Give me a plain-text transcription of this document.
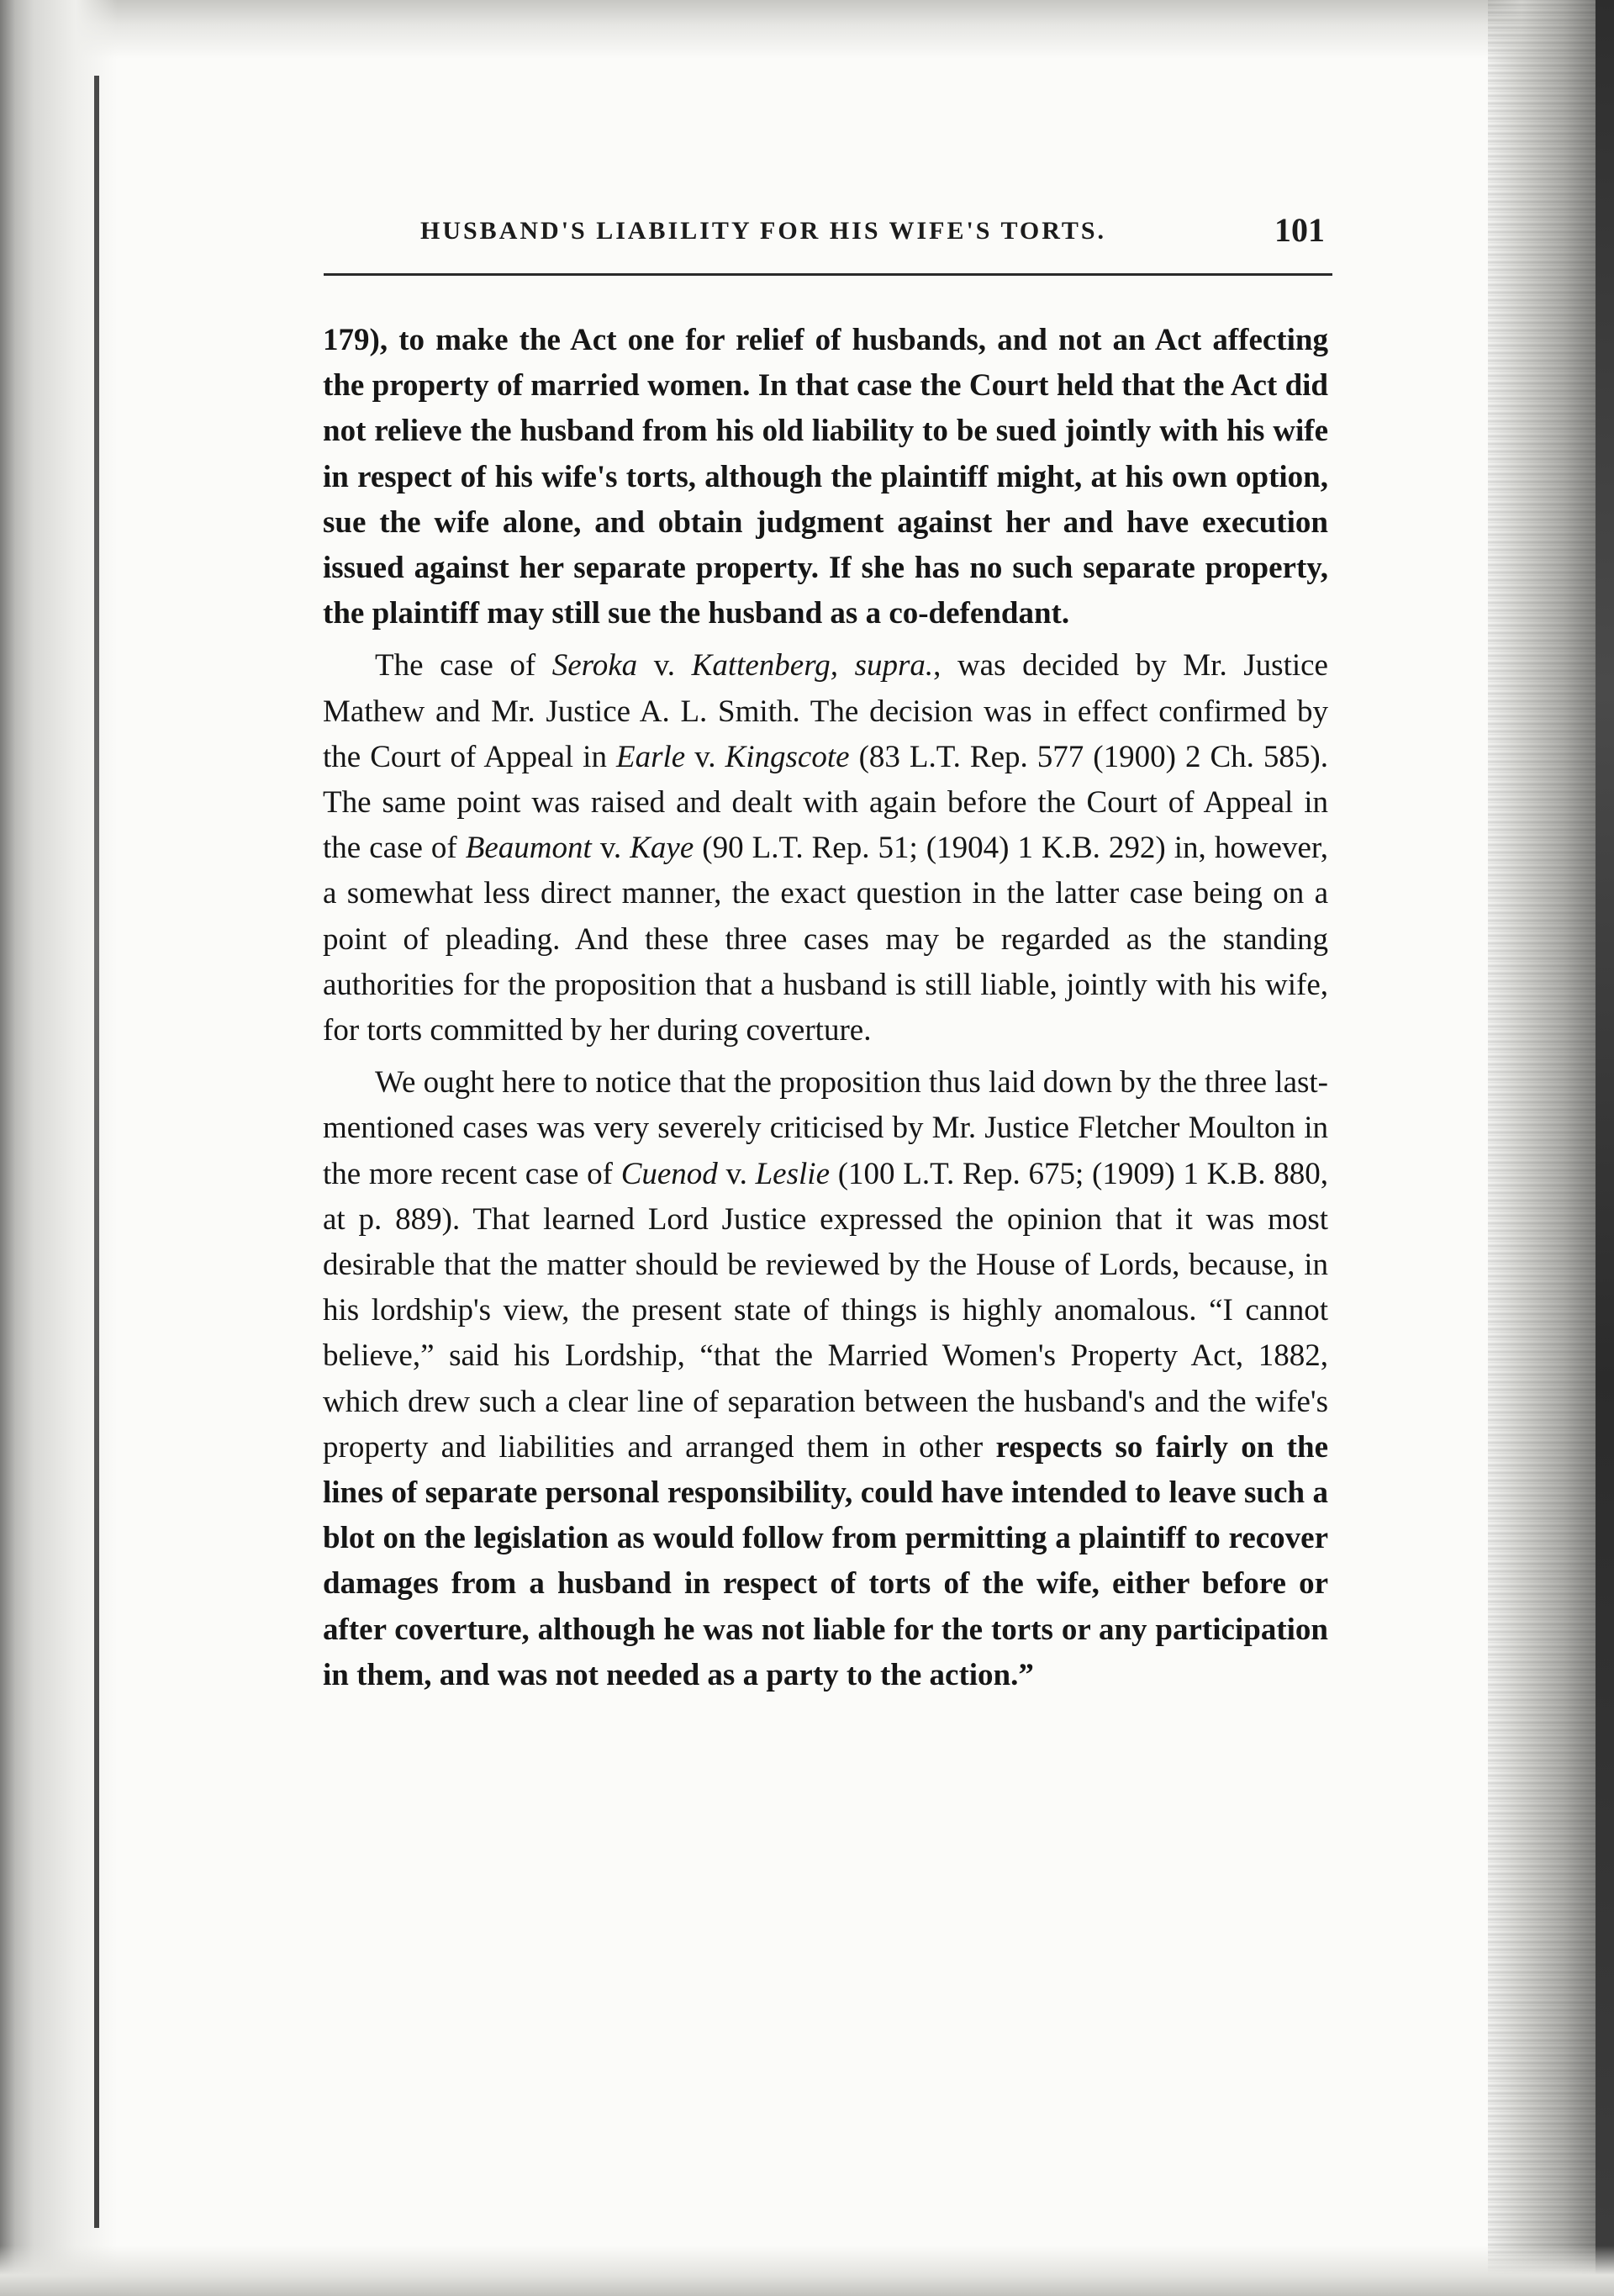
HUSBAND'S LIABILITY FOR HIS WIFE'S TORTS.	101

179), to make the Act one for relief of husbands, and not an Act affecting the property of married women. In that case the Court held that the Act did not relieve the husband from his old liability to be sued jointly with his wife in respect of his wife's torts, although the plaintiff might, at his own option, sue the wife alone, and obtain judgment against her and have execution issued against her separate property. If she has no such separate property, the plaintiff may still sue the husband as a co-defendant.

The case of Seroka v. Kattenberg, supra., was decided by Mr. Justice Mathew and Mr. Justice A. L. Smith. The decision was in effect confirmed by the Court of Appeal in Earle v. Kingscote (83 L.T. Rep. 577 (1900) 2 Ch. 585). The same point was raised and dealt with again before the Court of Appeal in the case of Beaumont v. Kaye (90 L.T. Rep. 51; (1904) 1 K.B. 292) in, however, a somewhat less direct manner, the exact question in the latter case being on a point of pleading. And these three cases may be regarded as the standing authorities for the proposition that a husband is still liable, jointly with his wife, for torts committed by her during coverture.

We ought here to notice that the proposition thus laid down by the three last-mentioned cases was very severely criticised by Mr. Justice Fletcher Moulton in the more recent case of Cuenod v. Leslie (100 L.T. Rep. 675; (1909) 1 K.B. 880, at p. 889). That learned Lord Justice expressed the opinion that it was most desirable that the matter should be reviewed by the House of Lords, because, in his lordship's view, the present state of things is highly anomalous. “I cannot believe,” said his Lordship, “that the Married Women's Property Act, 1882, which drew such a clear line of separation between the husband's and the wife's property and liabilities and arranged them in other respects so fairly on the lines of separate personal responsibility, could have intended to leave such a blot on the legislation as would follow from permitting a plaintiff to recover damages from a husband in respect of torts of the wife, either before or after coverture, although he was not liable for the torts or any participation in them, and was not needed as a party to the action.”
